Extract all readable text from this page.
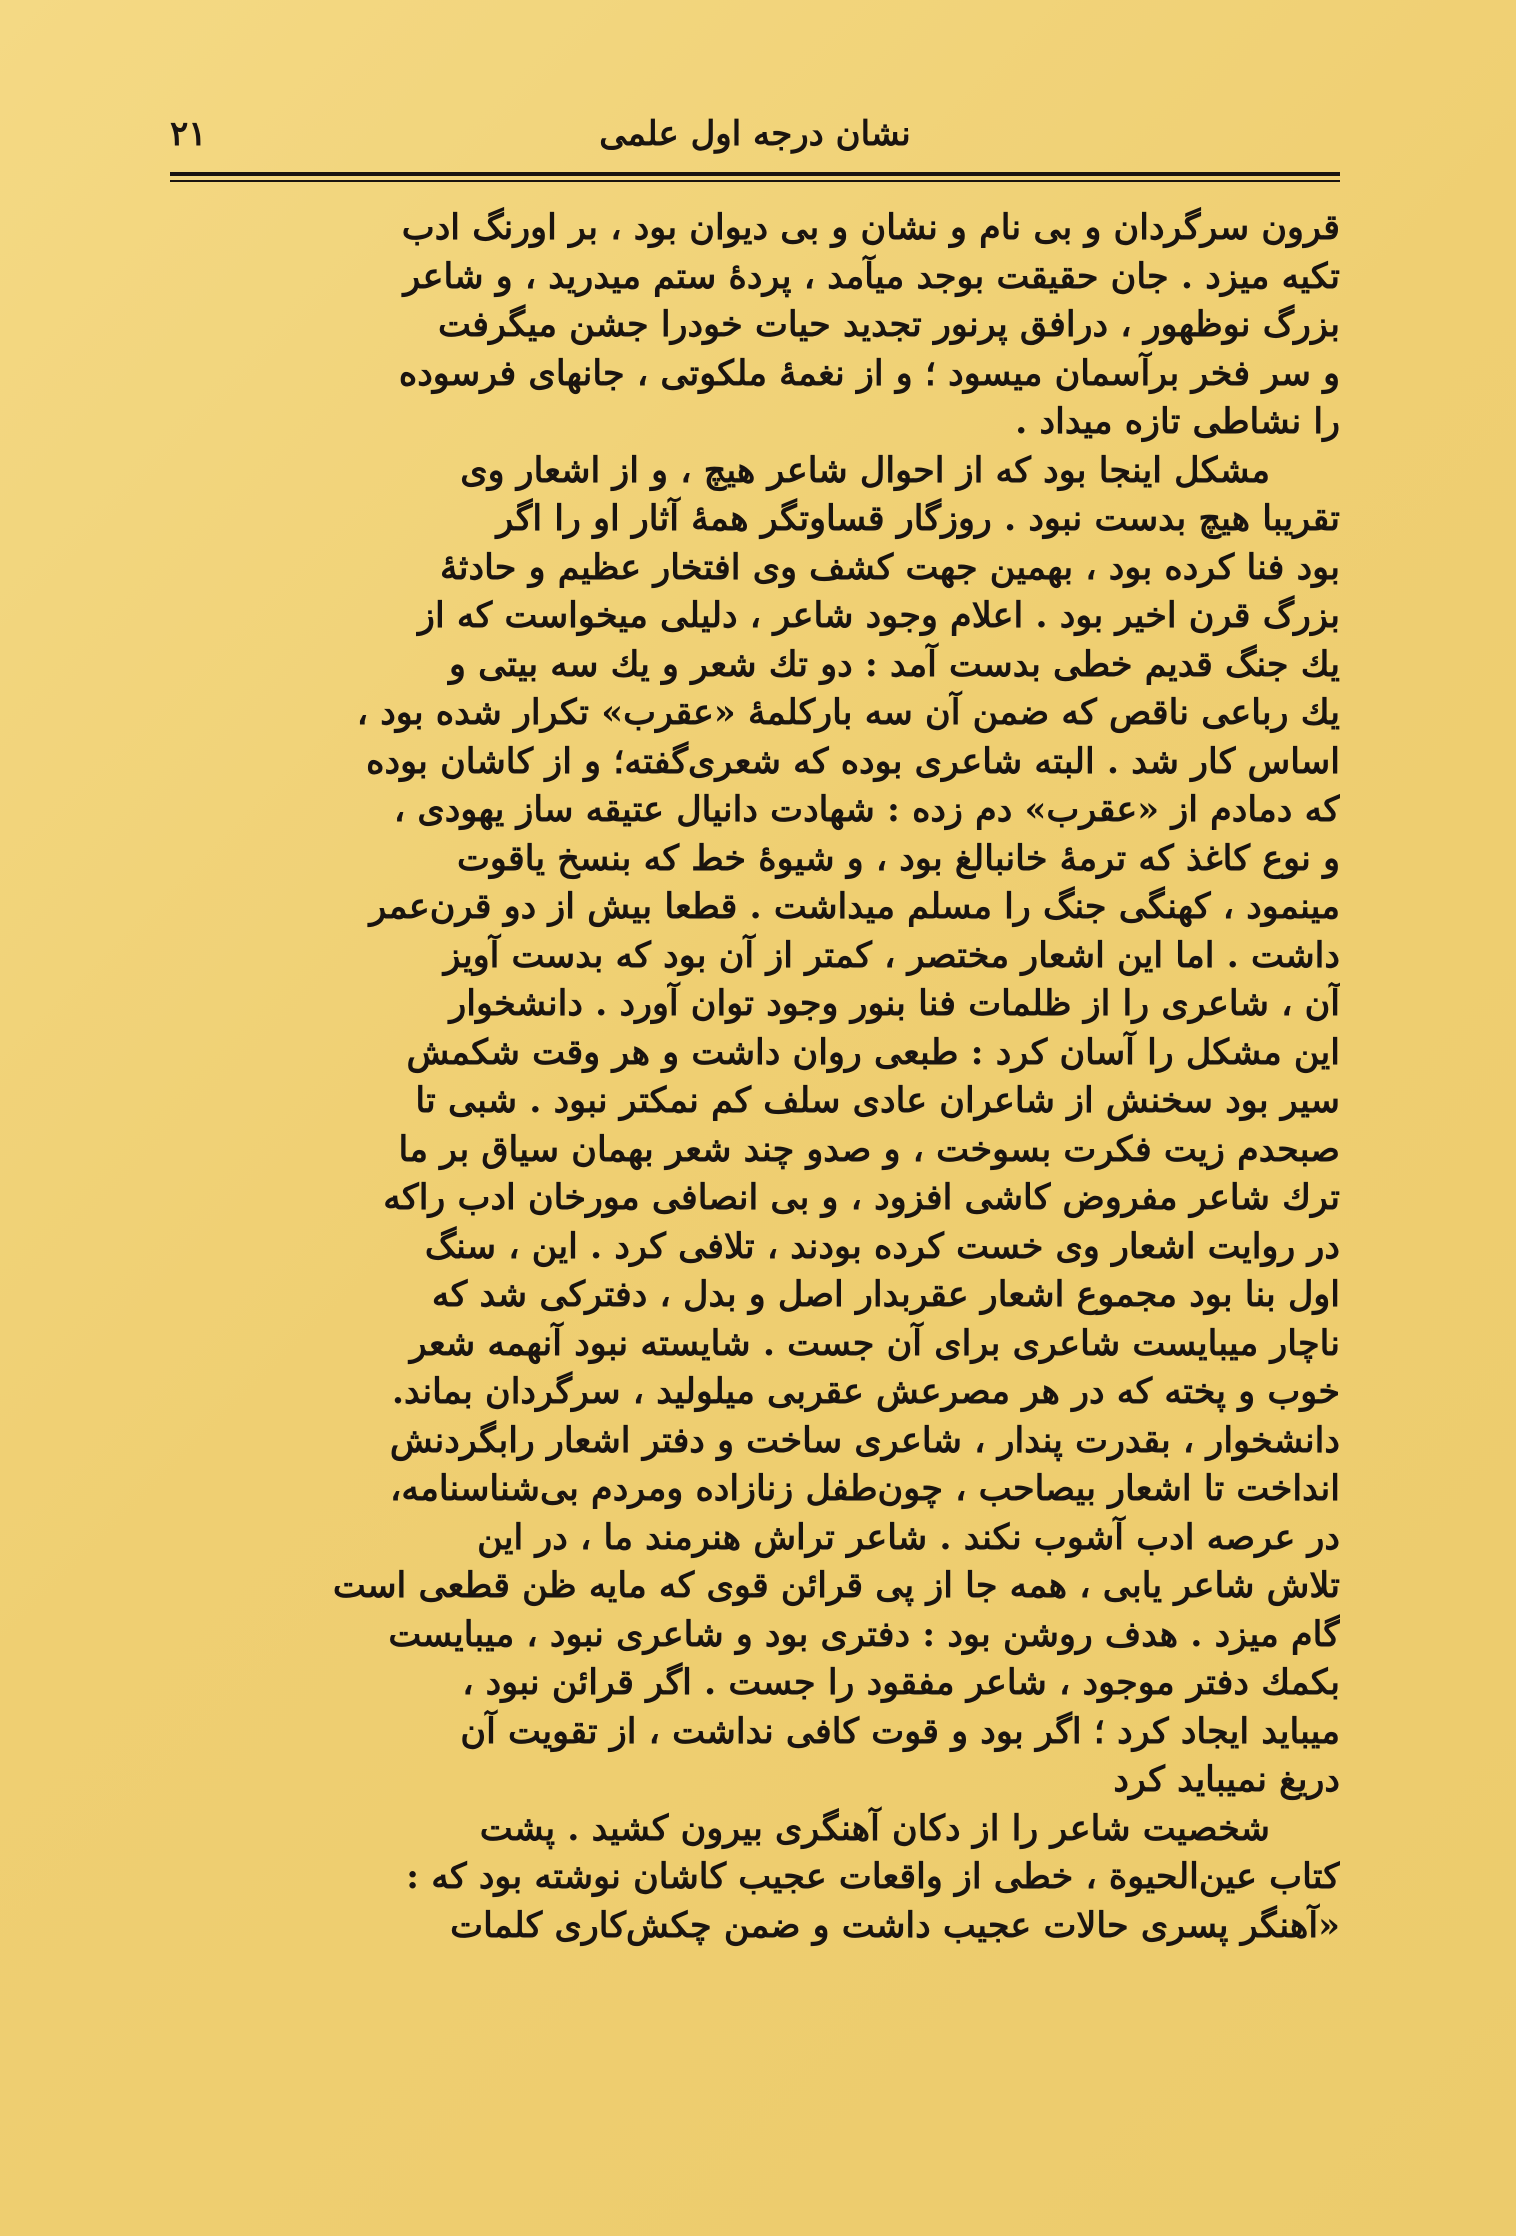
نشان درجه اول علمی
۲۱
قرون سرگردان و بی نام و نشان و بی دیوان بود ، بر اورنگ ادب
تکیه میزد . جان حقیقت بوجد میآمد ، پردهٔ ستم میدرید ، و شاعر
بزرگ نوظهور ، درافق پرنور تجدید حیات خودرا جشن میگرفت
و سر فخر برآسمان میسود ؛ و از نغمهٔ ملکوتی ، جانهای فرسوده
را نشاطی تازه میداد .
مشکل اینجا بود که از احوال شاعر هیچ ، و از اشعار وی
تقریبا هیچ بدست نبود . روزگار قساوتگر همهٔ آثار او را اگر
بود فنا کرده بود ، بهمین جهت کشف وی افتخار عظیم و حادثهٔ
بزرگ قرن اخیر بود . اعلام وجود شاعر ، دلیلی میخواست که از
یك جنگ قدیم خطی بدست آمد : دو تك شعر و یك سه بیتی و
یك رباعی ناقص که ضمن آن سه بارکلمهٔ «عقرب» تکرار شده بود ،
اساس کار شد . البته شاعری بوده که شعری‌گفته؛ و از کاشان بوده
که دمادم از «عقرب» دم زده : شهادت دانیال عتیقه ساز یهودی ،
و نوع کاغذ که ترمهٔ خانبالغ بود ، و شیوهٔ خط که بنسخ یاقوت
مینمود ، کهنگی جنگ را مسلم میداشت . قطعا بیش از دو قرن‌عمر
داشت . اما این اشعار مختصر ، کمتر از آن بود که بدست آویز
آن ، شاعری را از ظلمات فنا بنور وجود توان آورد . دانشخوار
این مشکل را آسان کرد : طبعی روان داشت و هر وقت شکمش
سیر بود سخنش از شاعران عادی سلف کم نمکتر نبود . شبی تا
صبحدم زیت فکرت بسوخت ، و صدو چند شعر بهمان سیاق بر ما
ترك شاعر مفروض کاشی افزود ، و بی انصافی مورخان ادب راکه
در روایت اشعار وی خست کرده بودند ، تلافی کرد . این ، سنگ
اول بنا بود مجموع اشعار عقربدار اصل و بدل ، دفترکی شد که
ناچار میبایست شاعری برای آن جست . شایسته نبود آنهمه شعر
خوب و پخته که در هر مصرعش عقربی میلولید ، سرگردان بماند.
دانشخوار ، بقدرت پندار ، شاعری ساخت و دفتر اشعار رابگردنش
انداخت تا اشعار بیصاحب ، چون‌طفل زنازاده ومردم بی‌شناسنامه،
در عرصه ادب آشوب نکند . شاعر تراش هنرمند ما ، در این
تلاش شاعر یابی ، همه جا از پی قرائن قوی که مایه ظن قطعی است
گام میزد . هدف روشن بود : دفتری بود و شاعری نبود ، میبایست
بکمك دفتر موجود ، شاعر مفقود را جست . اگر قرائن نبود ،
میباید ایجاد کرد ؛ اگر بود و قوت کافی نداشت ، از تقویت آن
دریغ نمیباید کرد
شخصیت شاعر را از دکان آهنگری بیرون کشید . پشت
کتاب عین‌الحیوة ، خطی از واقعات عجیب کاشان نوشته بود که :
«آهنگر پسری حالات عجیب داشت و ضمن چکش‌کاری کلمات
